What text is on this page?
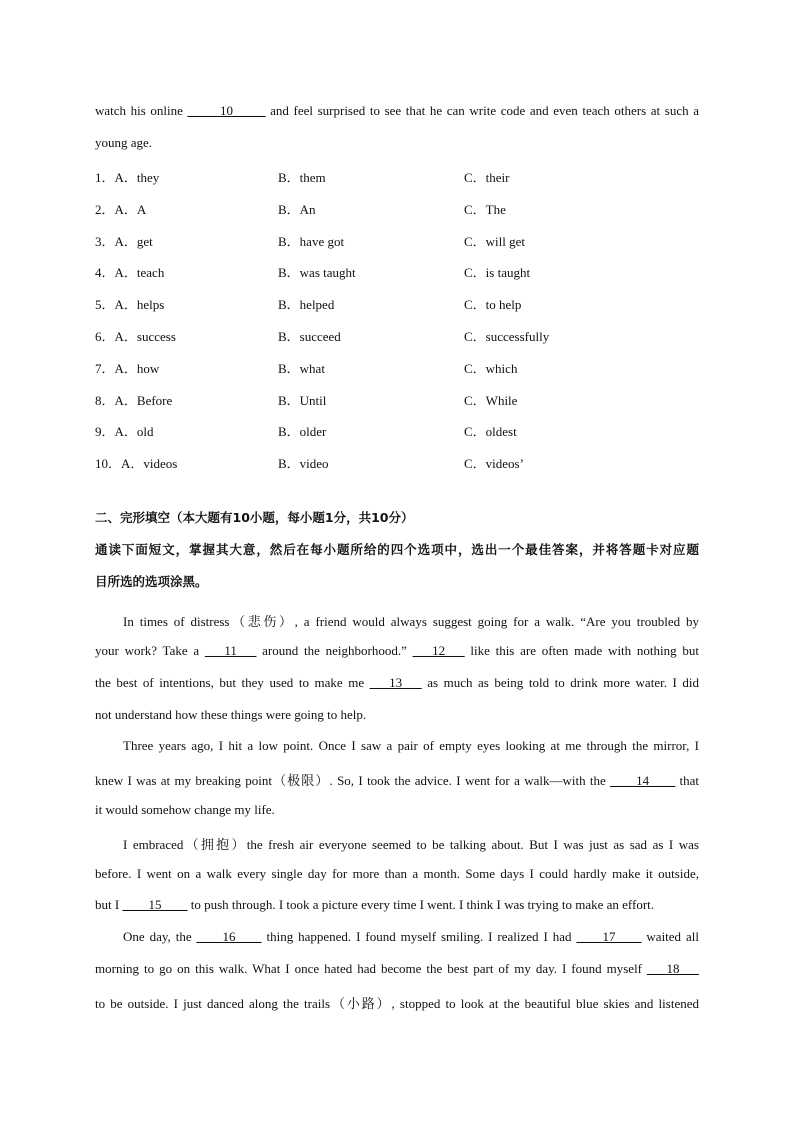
watch his online _____10_____ and feel surprised to see that he can write code and even teach others at such a
young age.
1．A．they	B．them	C．their
2．A．A	B．An	C．The
3．A．get	B．have got	C．will get
4．A．teach	B．was taught	C．is taught
5．A．helps	B．helped	C．to help
6．A．success	B．succeed	C．successfully
7．A．how	B．what	C．which
8．A．Before	B．Until	C．While
9．A．old	B．older	C．oldest
10．A．videos	B．video	C．videos’
二、完形填空（本大题有10小题，每小题1分，共10分）
通读下面短文，掌握其大意，然后在每小题所给的四个选项中，选出一个最佳答案，并将答题卡对应题
目所选的选项涂黑。
In times of distress（悲伤）, a friend would always suggest going for a walk. “Are you troubled by
your work? Take a ___11___ around the neighborhood.” ___12___ like this are often made with nothing but
the best of intentions, but they used to make me ___13___ as much as being told to drink more water. I did
not understand how these things were going to help.
Three years ago, I hit a low point. Once I saw a pair of empty eyes looking at me through the mirror, I
knew I was at my breaking point（极限）. So, I took the advice. I went for a walk—with the ____14____ that
it would somehow change my life.
I embraced（拥抱）the fresh air everyone seemed to be talking about. But I was just as sad as I was
before. I went on a walk every single day for more than a month. Some days I could hardly make it outside,
but I ____15____ to push through. I took a picture every time I went. I think I was trying to make an effort.
One day, the ____16____ thing happened. I found myself smiling. I realized I had ____17____ waited all
morning to go on this walk. What I once hated had become the best part of my day. I found myself ___18___
to be outside. I just danced along the trails（小路）, stopped to look at the beautiful blue skies and listened
